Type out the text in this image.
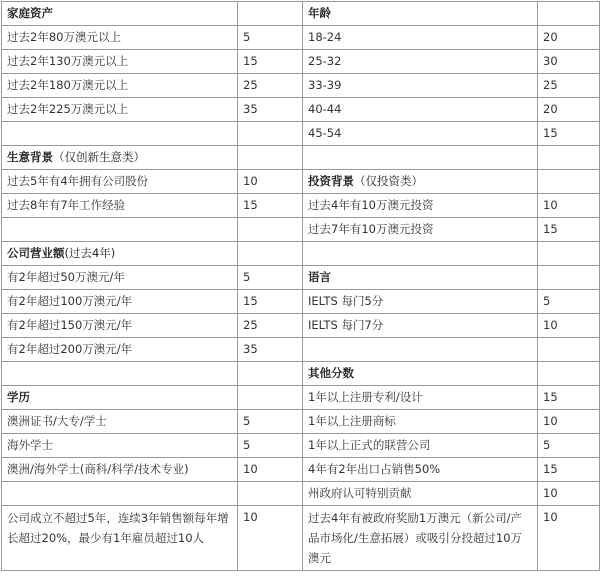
家庭资产		年龄	
过去2年80万澳元以上	5	18-24	20
过去2年130万澳元以上	15	25-32	30
过去2年180万澳元以上	25	33-39	25
过去2年225万澳元以上	35	40-44	20
		45-54	15
生意背景（仅创新生意类）			
过去5年有4年拥有公司股份	10	投资背景（仅投资类）	
过去8年有7年工作经验	15	过去4年有10万澳元投资	10
		过去7年有10万澳元投资	15
公司营业额(过去4年)			
有2年超过50万澳元/年	5	语言	
有2年超过100万澳元/年	15	IELTS 每门5分	5
有2年超过150万澳元/年	25	IELTS 每门7分	10
有2年超过200万澳元/年	35		
		其他分数	
学历		1年以上注册专利/设计	15
澳洲证书/大专/学士	5	1年以上注册商标	10
海外学士	5	1年以上正式的联营公司	5
澳洲/海外学士(商科/科学/技术专业)	10	4年有2年出口占销售50%	15
		州政府认可特别贡献	10
公司成立不超过5年，连续3年销售额每年增长超过20%，最少有1年雇员超过10人	10	过去4年有被政府奖励1万澳元（新公司/产品市场化/生意拓展）或吸引分投超过10万澳元	10
